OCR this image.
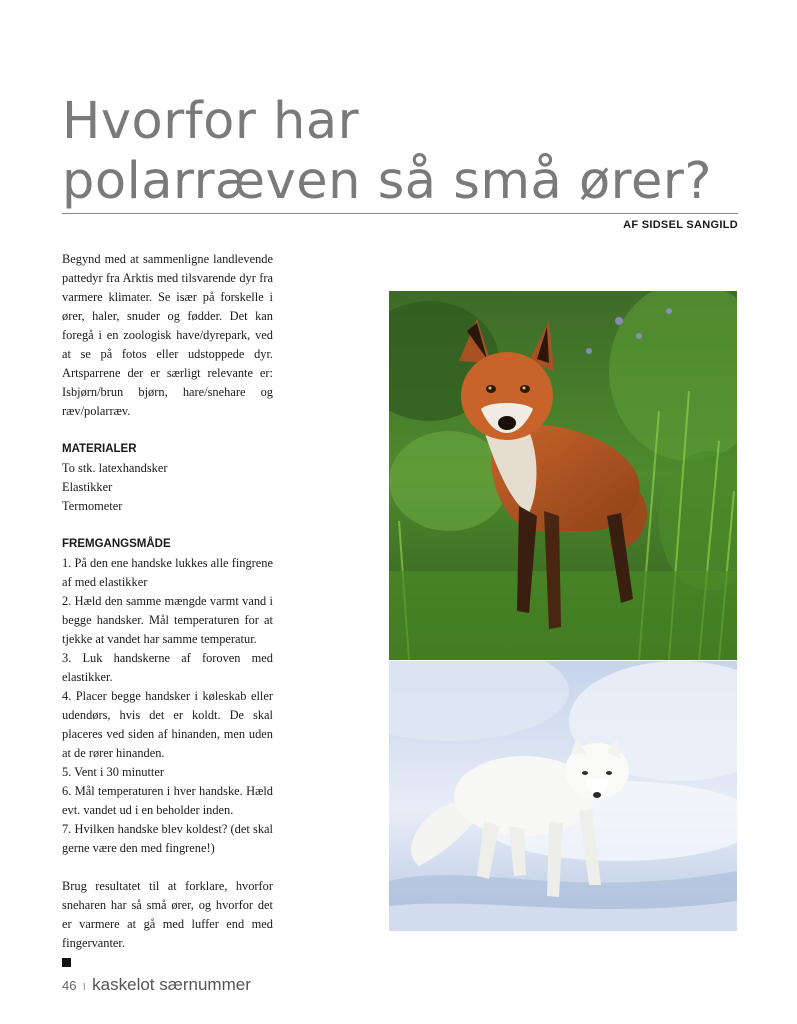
Hvorfor har
polarræven så små ører?
AF SIDSEL SANGILD

Begynd med at sammenligne landlevende pattedyr fra Arktis med tilsvarende dyr fra varmere klimater. Se især på forskelle i ører, haler, snuder og fødder. Det kan foregå i en zoologisk have/dyrepark, ved at se på fotos eller udstoppede dyr. Artsparrene der er særligt relevante er: Isbjørn/brun bjørn, hare/snehare og ræv/polarræv.

MATERIALER

To stk. latexhandsker

Elastikker

Termometer

FREMGANGSMÅDE
1. På den ene handske lukkes alle fingrene af med elastikker
2. Hæld den samme mængde varmt vand i begge handsker. Mål temperaturen for at tjekke at vandet har samme temperatur.
3. Luk handskerne af foroven med elastikker.
4. Placer begge handsker i køleskab eller udendørs, hvis det er koldt. De skal placeres ved siden af hinanden, men uden at de rører hinanden.
5. Vent i 30 minutter
6. Mål temperaturen i hver handske. Hæld evt. vandet ud i en beholder inden.
7. Hvilken handske blev koldest? (det skal gerne være den med fingrene!)

Brug resultatet til at forklare, hvorfor sneharen har så små ører, og hvorfor det er varmere at gå med luffer end med fingervanter.

46 I kaskelot særnummer
